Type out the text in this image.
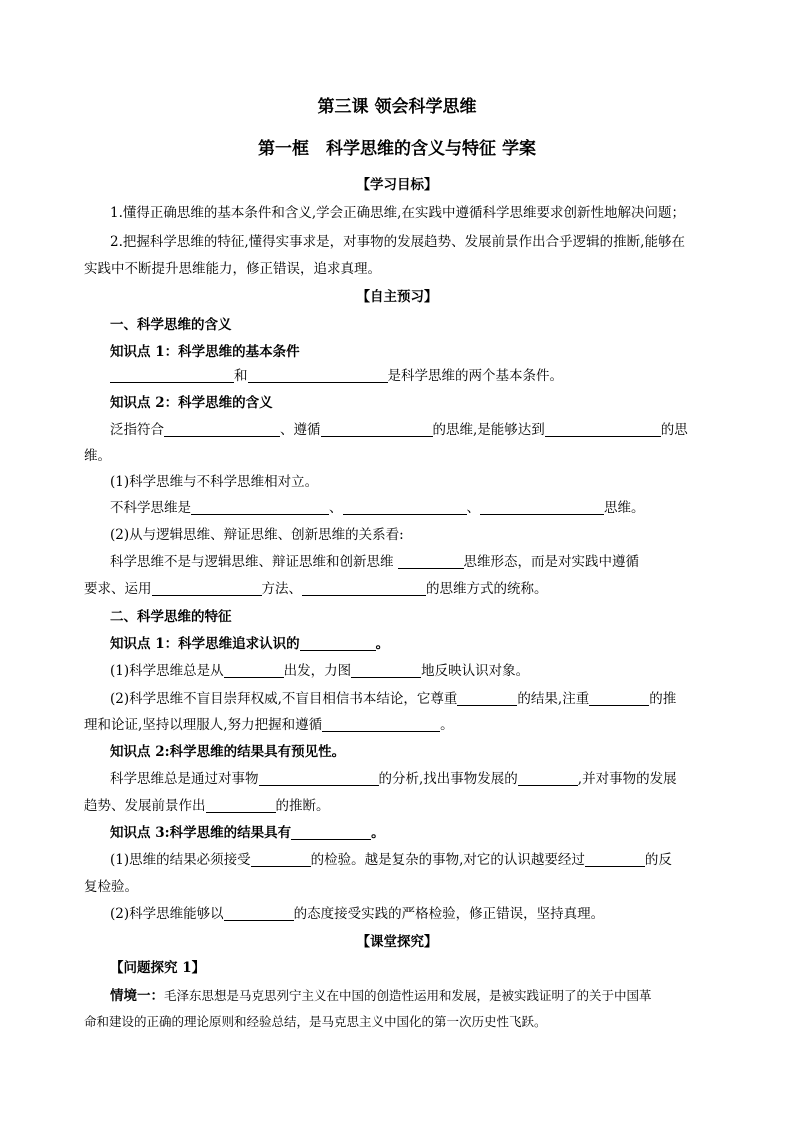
第三课 领会科学思维
第一框　科学思维的含义与特征 学案
【学习目标】
1.懂得正确思维的基本条件和含义,学会正确思维,在实践中遵循科学思维要求创新性地解决问题；
2.把握科学思维的特征,懂得实事求是，对事物的发展趋势、发展前景作出合乎逻辑的推断,能够在
实践中不断提升思维能力，修正错误，追求真理。
【自主预习】
一、科学思维的含义
知识点 1：科学思维的基本条件
和	是科学思维的两个基本条件。
知识点 2：科学思维的含义
泛指符合	、遵循	的思维,是能够达到	的思
维。
(1)科学思维与不科学思维相对立。
不科学思维是	、	、	思维。
(2)从与逻辑思维、辩证思维、创新思维的关系看:
科学思维不是与逻辑思维、辩证思维和创新思维	思维形态，而是对实践中遵循
要求、运用	方法、	的思维方式的统称。
二、科学思维的特征
知识点 1：科学思维追求认识的	。
(1)科学思维总是从	出发，力图	地反映认识对象。
(2)科学思维不盲目崇拜权威,不盲目相信书本结论，它尊重	的结果,注重	的推
理和论证,坚持以理服人,努力把握和遵循	。
知识点 2:科学思维的结果具有预见性。
科学思维总是通过对事物	的分析,找出事物发展的	,并对事物的发展
趋势、发展前景作出	的推断。
知识点 3:科学思维的结果具有	。
(1)思维的结果必须接受	的检验。越是复杂的事物,对它的认识越要经过	的反
复检验。
(2)科学思维能够以	的态度接受实践的严格检验，修正错误，坚持真理。
【课堂探究】
【问题探究 1】
情境一：毛泽东思想是马克思列宁主义在中国的创造性运用和发展，是被实践证明了的关于中国革
命和建设的正确的理论原则和经验总结，是马克思主义中国化的第一次历史性飞跃。
